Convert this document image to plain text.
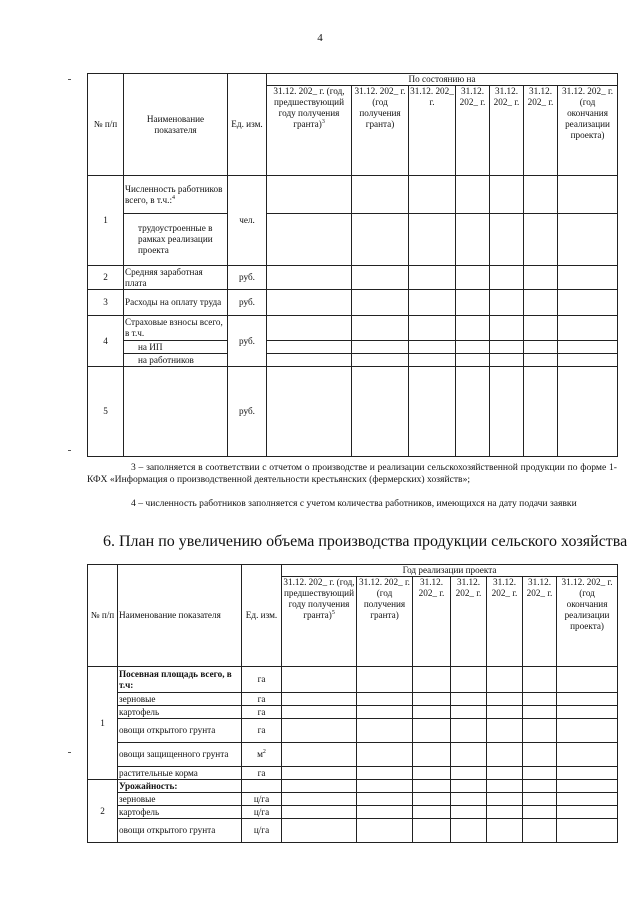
4
№ п/п	Наименование показателя	Ед. изм.	По состоянию на						
			31.12. 202_ г. (год, предшествующий году получения гранта)$^3$	31.12. 202_ г. (год получения гранта)	31.12. 202_ г.	31.12. 202_ г.	31.12. 202_ г.	31.12. 202_ г.	31.12. 202_ г. (год окончания реализации проекта)
1	Численность работников всего, в т.ч.:$^4$	чел.							
	трудоустроенные в рамках реализации проекта								
2	Средняя заработная плата	руб.							
3	Расходы на оплату труда	руб.							
4	Страховые взносы всего, в т.ч.	руб.							
	на ИП								
	на работников								
5		руб.							
3 – заполняется в соответствии с отчетом о производстве и реализации сельскохозяйственной продукции по форме 1-КФХ «Информация о производственной деятельности крестьянских (фермерских) хозяйств»;
4 – численность работников заполняется с учетом количества работников, имеющихся на дату подачи заявки
6. План по увеличению объема производства продукции сельского хозяйства
№ п/п	Наименование показателя	Ед. изм.	Год реализации проекта						
			31.12. 202_ г. (год, предшествующий году получения гранта)$^5$	31.12. 202_ г. (год получения гранта)	31.12. 202_ г.	31.12. 202_ г.	31.12. 202_ г.	31.12. 202_ г.	31.12. 202_ г. (год окончания реализации проекта)
1	Посевная площадь всего, в т.ч:	га							
	зерновые	га							
	картофель	га							
	овощи открытого грунта	га							
	овощи защищенного грунта	$м^2$							
	растительные корма	га							
2	Урожайность:								
	зерновые	ц/га							
	картофель	ц/га							
	овощи открытого грунта	ц/га							
